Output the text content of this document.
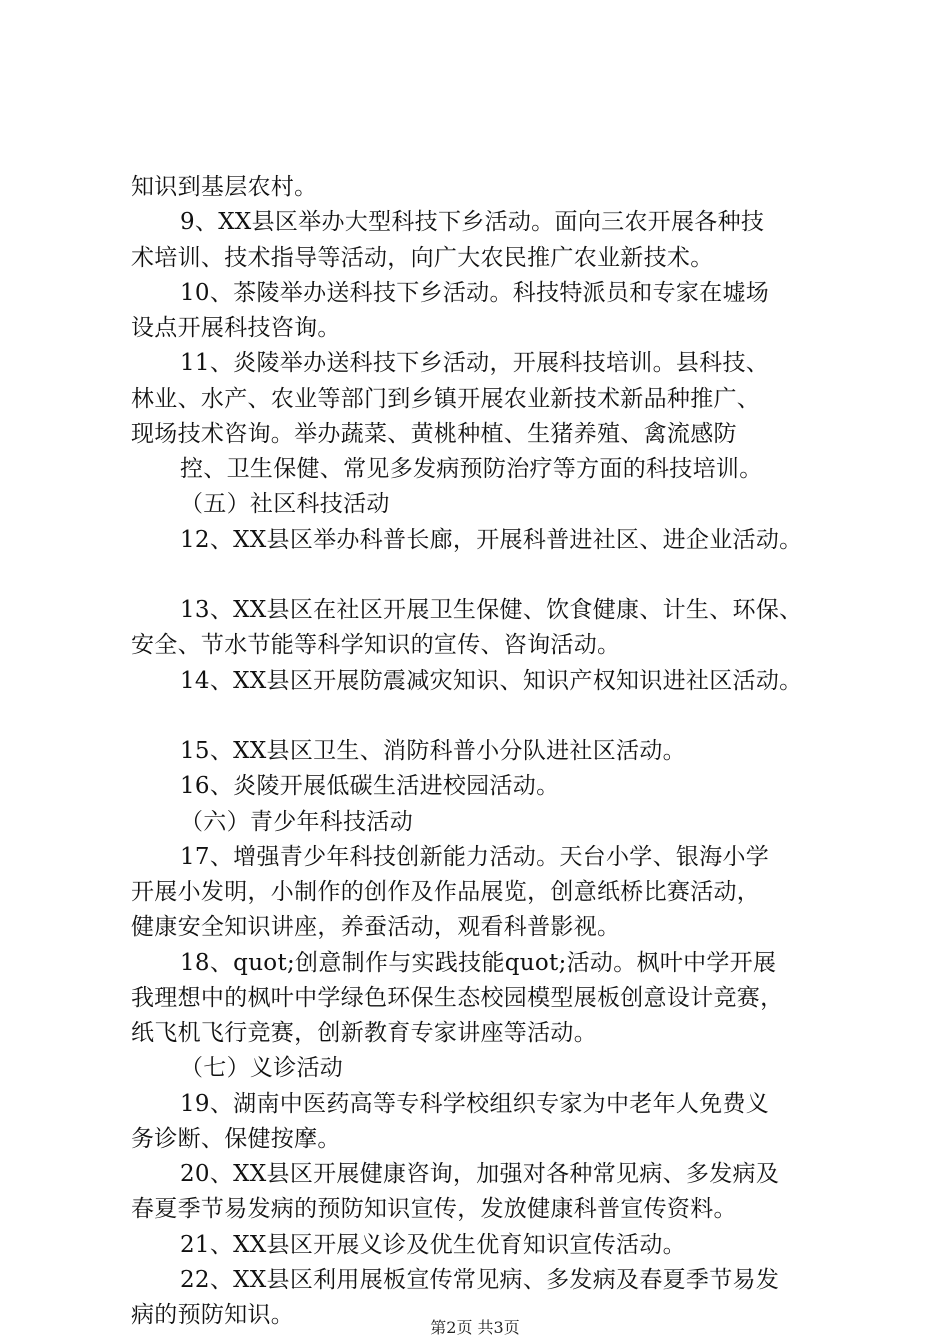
知识到基层农村。
9、XX县区举办大型科技下乡活动。面向三农开展各种技
术培训、技术指导等活动，向广大农民推广农业新技术。
10、茶陵举办送科技下乡活动。科技特派员和专家在墟场
设点开展科技咨询。
11、炎陵举办送科技下乡活动，开展科技培训。县科技、
林业、水产、农业等部门到乡镇开展农业新技术新品种推广、
现场技术咨询。举办蔬菜、黄桃种植、生猪养殖、禽流感防
控、卫生保健、常见多发病预防治疗等方面的科技培训。
（五）社区科技活动
12、XX县区举办科普长廊，开展科普进社区、进企业活动。
13、XX县区在社区开展卫生保健、饮食健康、计生、环保、
安全、节水节能等科学知识的宣传、咨询活动。
14、XX县区开展防震减灾知识、知识产权知识进社区活动。
15、XX县区卫生、消防科普小分队进社区活动。
16、炎陵开展低碳生活进校园活动。
（六）青少年科技活动
17、增强青少年科技创新能力活动。天台小学、银海小学
开展小发明，小制作的创作及作品展览，创意纸桥比赛活动，
健康安全知识讲座，养蚕活动，观看科普影视。
18、quot;创意制作与实践技能quot;活动。枫叶中学开展
我理想中的枫叶中学绿色环保生态校园模型展板创意设计竞赛，
纸飞机飞行竞赛，创新教育专家讲座等活动。
（七）义诊活动
19、湖南中医药高等专科学校组织专家为中老年人免费义
务诊断、保健按摩。
20、XX县区开展健康咨询，加强对各种常见病、多发病及
春夏季节易发病的预防知识宣传，发放健康科普宣传资料。
21、XX县区开展义诊及优生优育知识宣传活动。
22、XX县区利用展板宣传常见病、多发病及春夏季节易发
病的预防知识。	第2页 共3页
